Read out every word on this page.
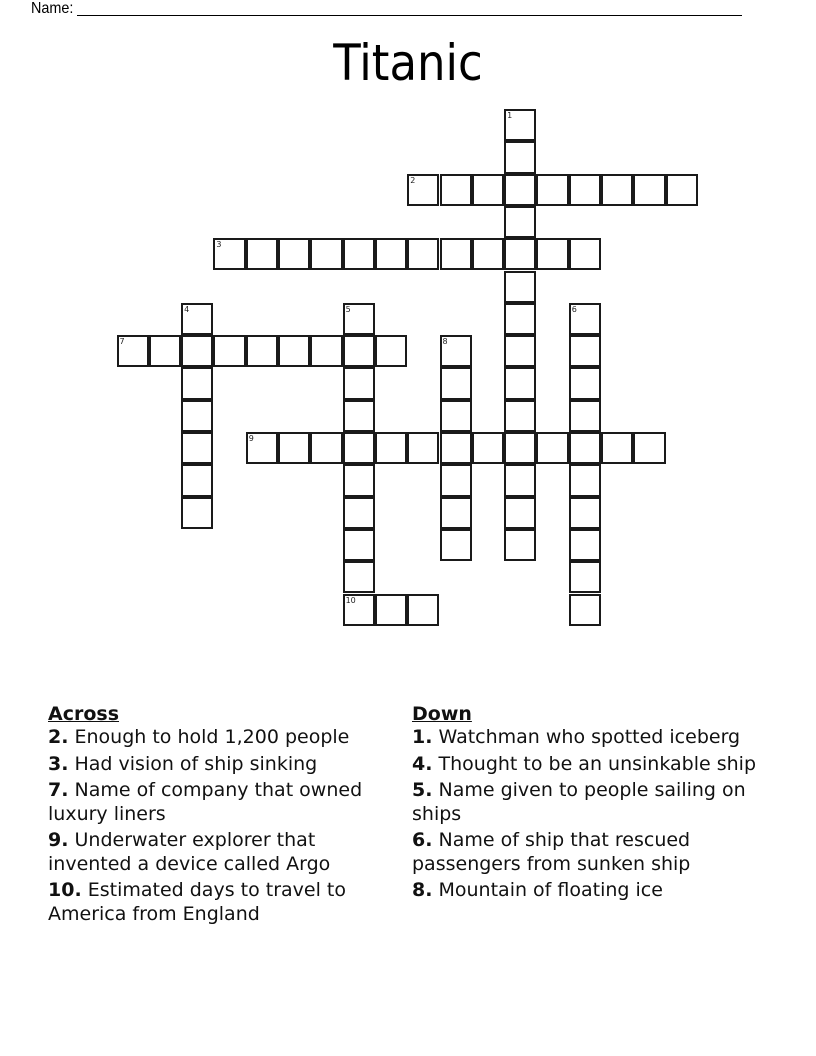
Name:
Titanic
1
2
3
4	5
10
6
7	8
9
Across
2. Enough to hold 1,200 people
3. Had vision of ship sinking
7. Name of company that owned luxury liners
9. Underwater explorer that invented a device called Argo
10. Estimated days to travel to America from England
Down
1. Watchman who spotted iceberg
4. Thought to be an unsinkable ship
5. Name given to people sailing on ships
6. Name of ship that rescued passengers from sunken ship
8. Mountain of floating ice
